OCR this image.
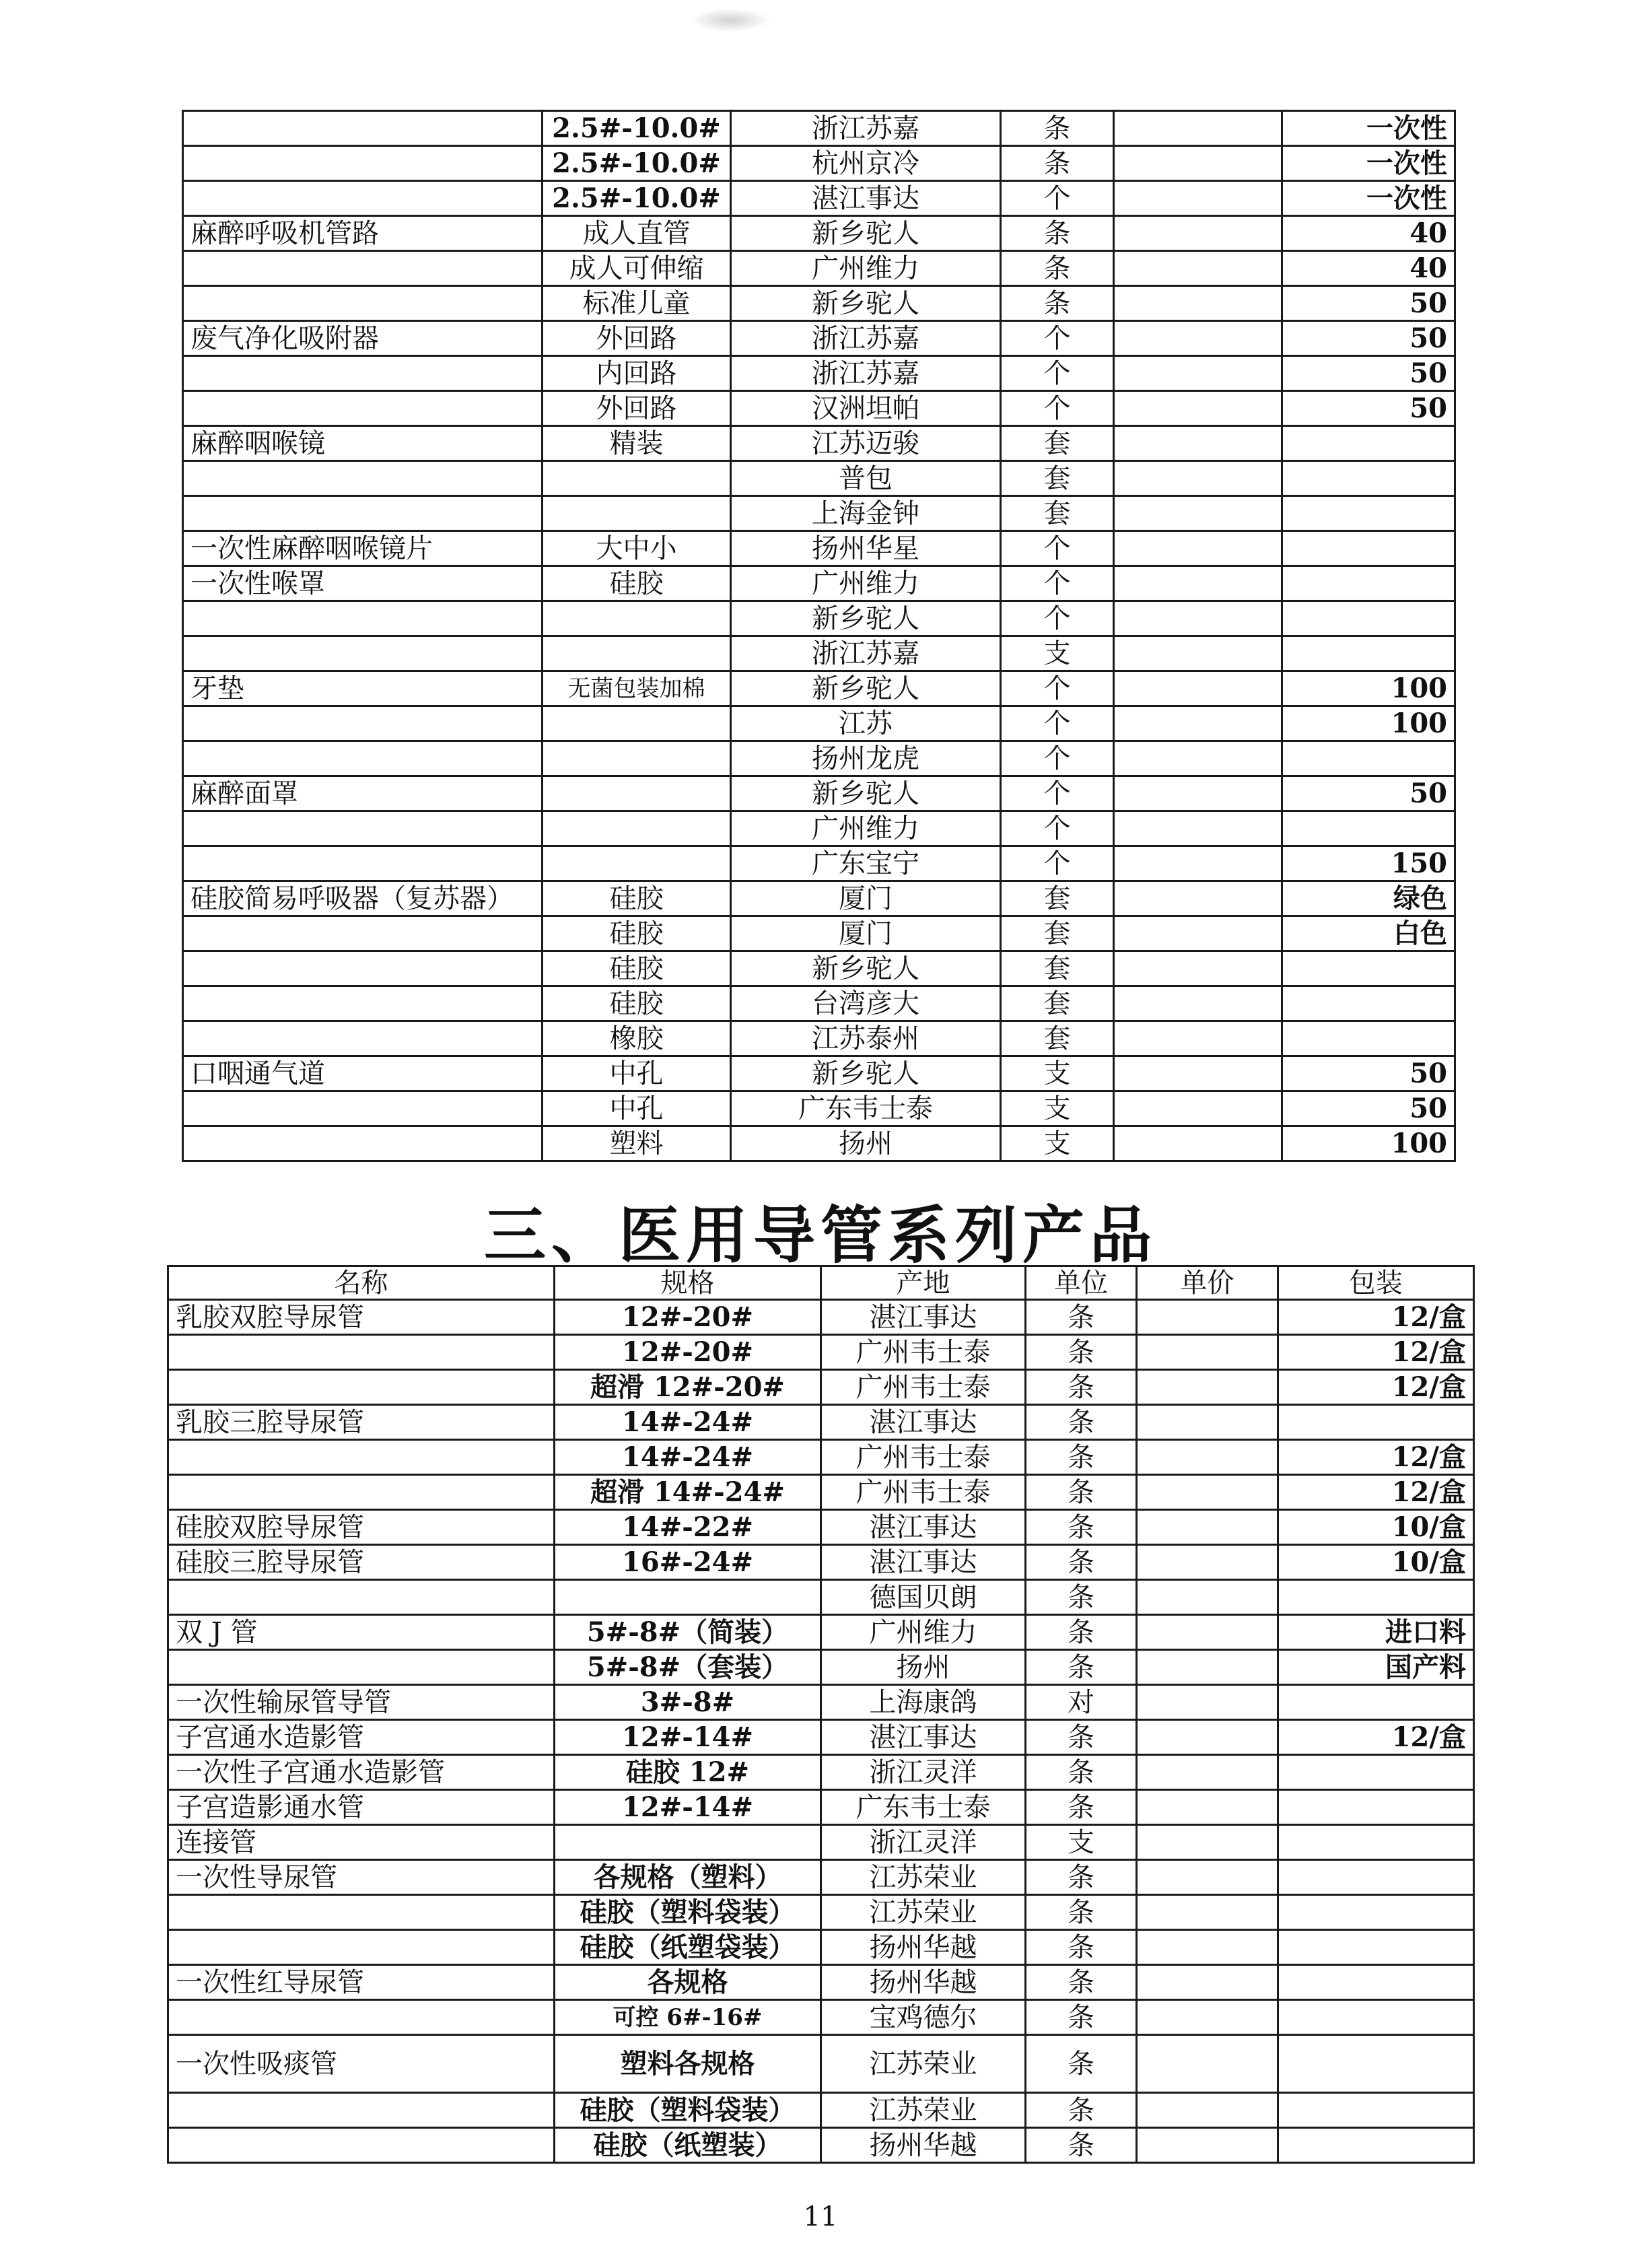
	2.5#-10.0#	浙江苏嘉	条		一次性
	2.5#-10.0#	杭州京冷	条		一次性
	2.5#-10.0#	湛江事达	个		一次性
麻醉呼吸机管路	成人直管	新乡驼人	条		40
	成人可伸缩	广州维力	条		40
	标准儿童	新乡驼人	条		50
废气净化吸附器	外回路	浙江苏嘉	个		50
	内回路	浙江苏嘉	个		50
	外回路	汉洲坦帕	个		50
麻醉咽喉镜	精装	江苏迈骏	套		
		普包	套		
		上海金钟	套		
一次性麻醉咽喉镜片	大中小	扬州华星	个		
一次性喉罩	硅胶	广州维力	个		
		新乡驼人	个		
		浙江苏嘉	支		
牙垫	无菌包装加棉	新乡驼人	个		100
		江苏	个		100
		扬州龙虎	个		
麻醉面罩		新乡驼人	个		50
		广州维力	个		
		广东宝宁	个		150
硅胶简易呼吸器（复苏器）	硅胶	厦门	套		绿色
	硅胶	厦门	套		白色
	硅胶	新乡驼人	套		
	硅胶	台湾彦大	套		
	橡胶	江苏泰州	套		
口咽通气道	中孔	新乡驼人	支		50
	中孔	广东韦士泰	支		50
	塑料	扬州	支		100
三、医用导管系列产品
名称	规格	产地	单位	单价	包装
乳胶双腔导尿管	12#-20#	湛江事达	条		12/盒
	12#-20#	广州韦士泰	条		12/盒
	超滑 12#-20#	广州韦士泰	条		12/盒
乳胶三腔导尿管	14#-24#	湛江事达	条		
	14#-24#	广州韦士泰	条		12/盒
	超滑 14#-24#	广州韦士泰	条		12/盒
硅胶双腔导尿管	14#-22#	湛江事达	条		10/盒
硅胶三腔导尿管	16#-24#	湛江事达	条		10/盒
		德国贝朗	条		
双 J 管	5#-8#（简装）	广州维力	条		进口料
	5#-8#（套装）	扬州	条		国产料
一次性输尿管导管	3#-8#	上海康鸽	对		
子宫通水造影管	12#-14#	湛江事达	条		12/盒
一次性子宫通水造影管	硅胶 12#	浙江灵洋	条		
子宫造影通水管	12#-14#	广东韦士泰	条		
连接管		浙江灵洋	支		
一次性导尿管	各规格（塑料）	江苏荣业	条		
	硅胶（塑料袋装）	江苏荣业	条		
	硅胶（纸塑袋装）	扬州华越	条		
一次性红导尿管	各规格	扬州华越	条		
	可控 6#-16#	宝鸡德尔	条		
一次性吸痰管	塑料各规格	江苏荣业	条		
	硅胶（塑料袋装）	江苏荣业	条		
	硅胶（纸塑装）	扬州华越	条		

11
